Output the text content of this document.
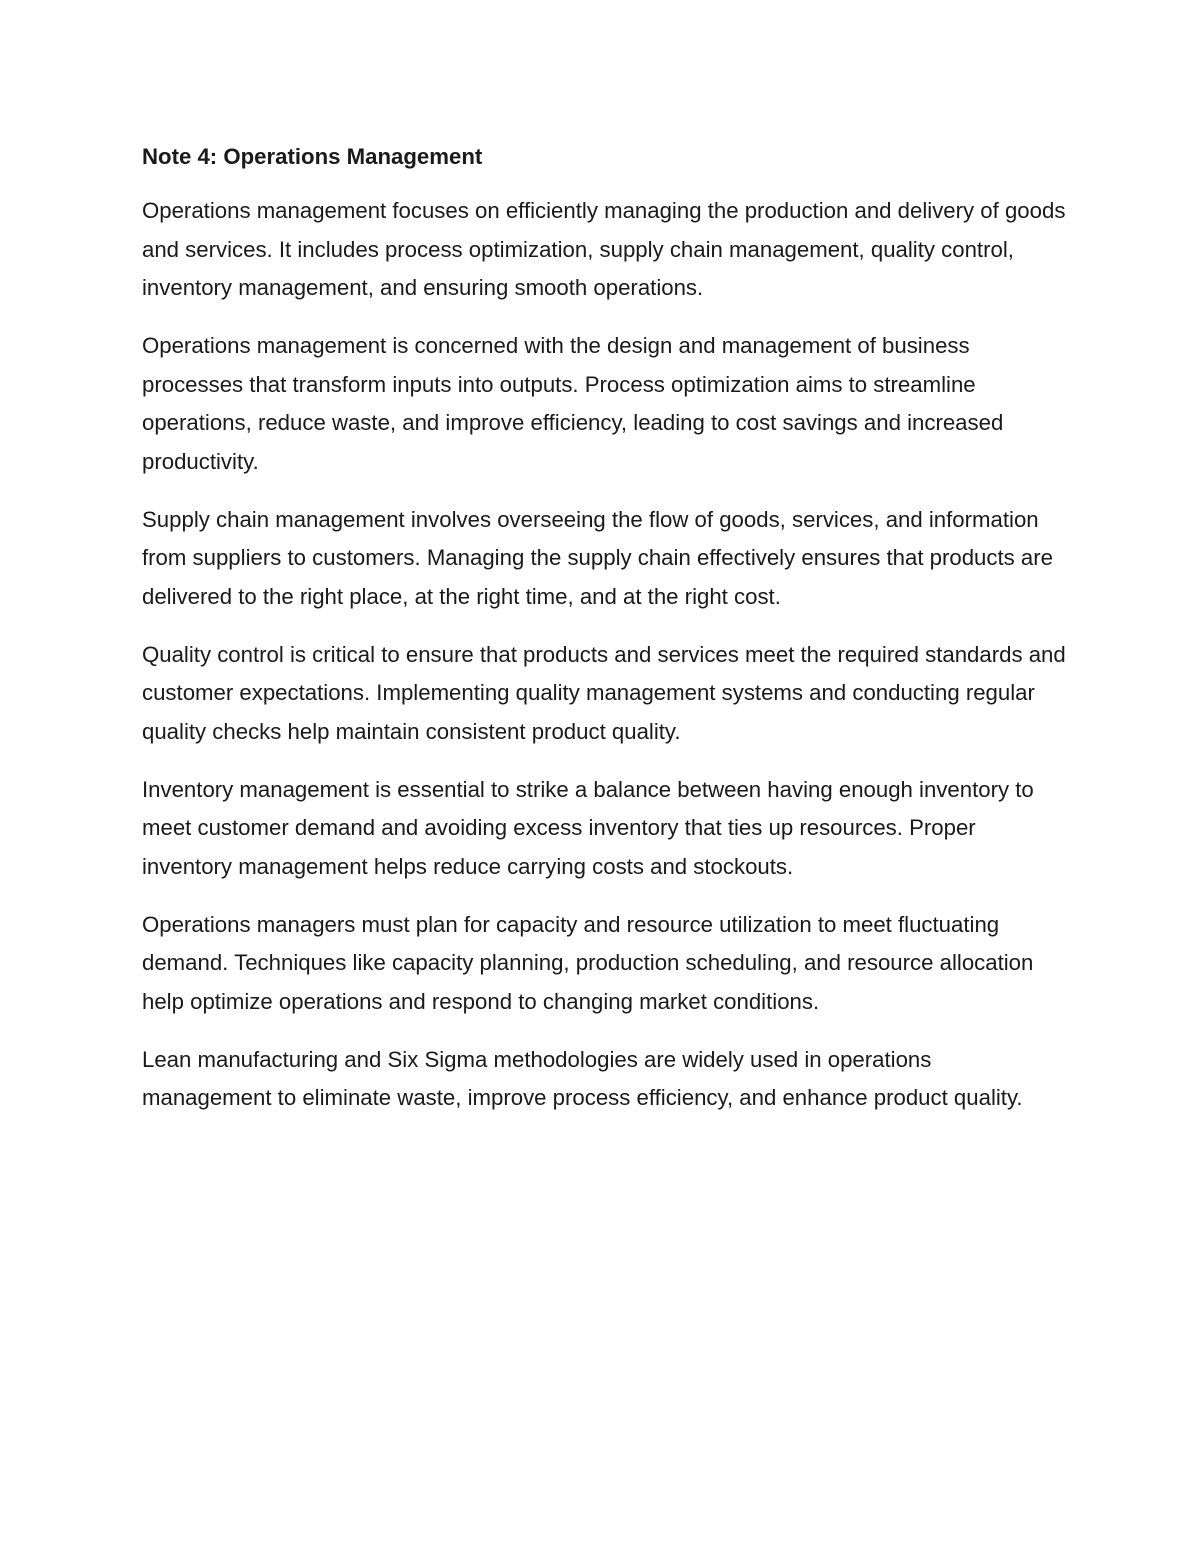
Note 4: Operations Management

Operations management focuses on efficiently managing the production and delivery of goods and services. It includes process optimization, supply chain management, quality control, inventory management, and ensuring smooth operations.

Operations management is concerned with the design and management of business processes that transform inputs into outputs. Process optimization aims to streamline operations, reduce waste, and improve efficiency, leading to cost savings and increased productivity.

Supply chain management involves overseeing the flow of goods, services, and information from suppliers to customers. Managing the supply chain effectively ensures that products are delivered to the right place, at the right time, and at the right cost.

Quality control is critical to ensure that products and services meet the required standards and customer expectations. Implementing quality management systems and conducting regular quality checks help maintain consistent product quality.

Inventory management is essential to strike a balance between having enough inventory to meet customer demand and avoiding excess inventory that ties up resources. Proper inventory management helps reduce carrying costs and stockouts.

Operations managers must plan for capacity and resource utilization to meet fluctuating demand. Techniques like capacity planning, production scheduling, and resource allocation help optimize operations and respond to changing market conditions.

Lean manufacturing and Six Sigma methodologies are widely used in operations management to eliminate waste, improve process efficiency, and enhance product quality.
